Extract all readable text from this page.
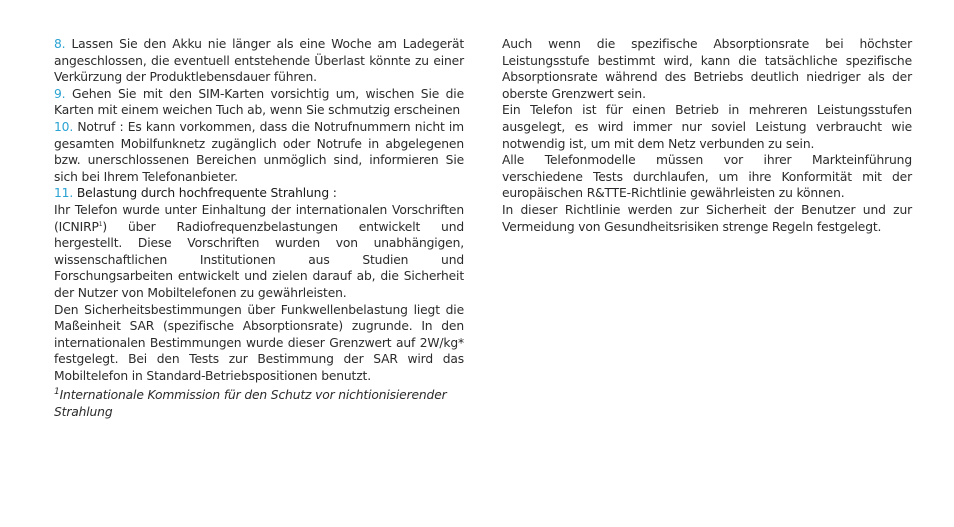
8. Lassen Sie den Akku nie länger als eine Woche am Ladegerät angeschlossen, die eventuell entstehende Überlast könnte zu einer Verkürzung der Produktlebensdauer führen.

9. Gehen Sie mit den SIM-Karten vorsichtig um, wischen Sie die Karten mit einem weichen Tuch ab, wenn Sie schmutzig erscheinen

10. Notruf : Es kann vorkommen, dass die Notrufnummern nicht im gesamten Mobilfunknetz zugänglich oder Notrufe in abgelegenen bzw. unerschlossenen Bereichen unmöglich sind, informieren Sie sich bei Ihrem Telefonanbieter.

11. Belastung durch hochfrequente Strahlung :

Ihr Telefon wurde unter Einhaltung der internationalen Vorschriften (ICNIRP$^1$) über Radiofrequenzbelastungen entwickelt und hergestellt. Diese Vorschriften wurden von unabhängigen, wissenschaftlichen Institutionen aus Studien und Forschungsarbeiten entwickelt und zielen darauf ab, die Sicherheit der Nutzer von Mobiltelefonen zu gewährleisten.

Den Sicherheitsbestimmungen über Funkwellenbelastung liegt die Maßeinheit SAR (spezifische Absorptionsrate) zugrunde. In den internationalen Bestimmungen wurde dieser Grenzwert auf 2W/kg* festgelegt. Bei den Tests zur Bestimmung der SAR wird das Mobiltelefon in Standard-Betriebspositionen benutzt.

$^1$Internationale Kommission für den Schutz vor nichtionisierender Strahlung

Auch wenn die spezifische Absorptionsrate bei höchster Leistungsstufe bestimmt wird, kann die tatsächliche spezifische Absorptionsrate während des Betriebs deutlich niedriger als der oberste Grenzwert sein.

Ein Telefon ist für einen Betrieb in mehreren Leistungsstufen ausgelegt, es wird immer nur soviel Leistung verbraucht wie notwendig ist, um mit dem Netz verbunden zu sein.

Alle Telefonmodelle müssen vor ihrer Markteinführung verschiedene Tests durchlaufen, um ihre Konformität mit der europäischen R&TTE-Richtlinie gewährleisten zu können.

In dieser Richtlinie werden zur Sicherheit der Benutzer und zur Vermeidung von Gesundheitsrisiken strenge Regeln festgelegt.
